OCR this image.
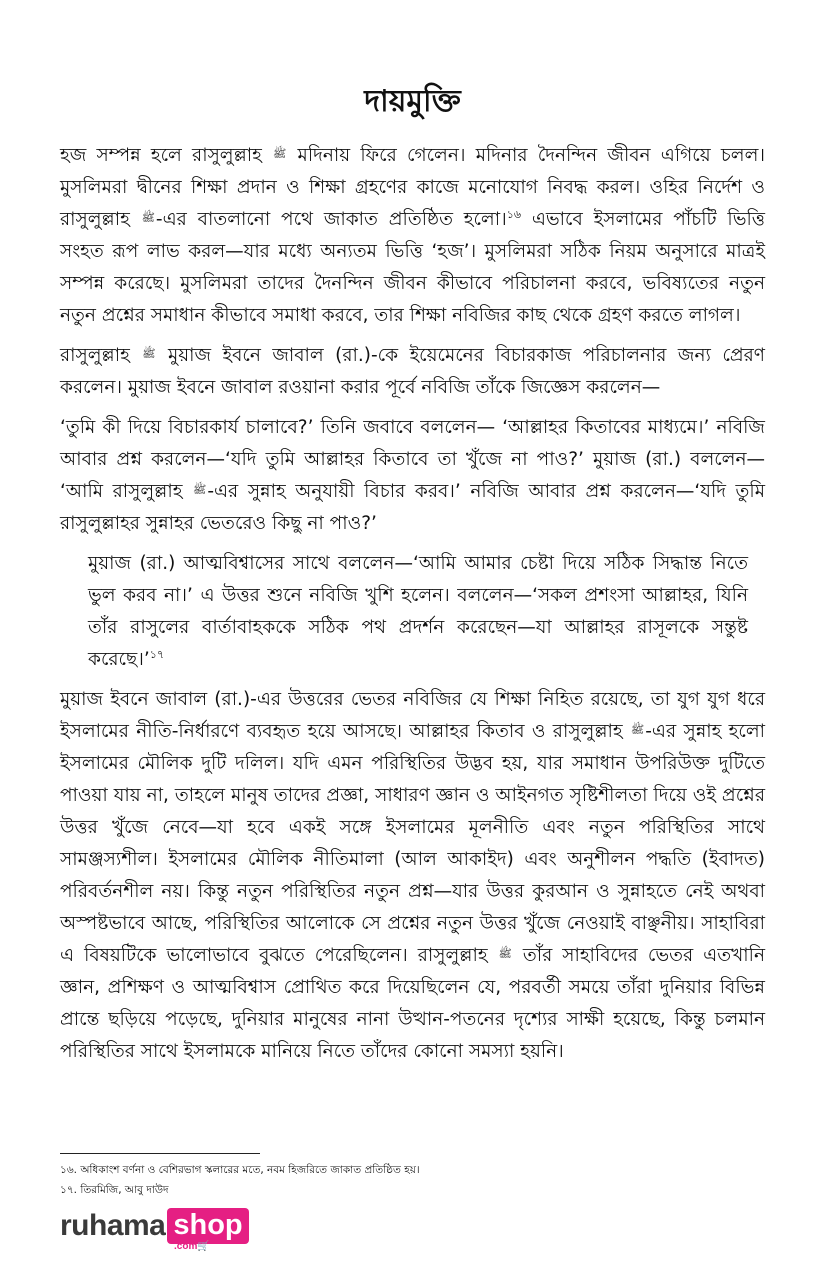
দায়মুক্তি

হজ সম্পন্ন হলে রাসুলুল্লাহ ﷺ মদিনায় ফিরে গেলেন। মদিনার দৈনন্দিন জীবন এগিয়ে চলল। মুসলিমরা দ্বীনের শিক্ষা প্রদান ও শিক্ষা গ্রহণের কাজে মনোযোগ নিবদ্ধ করল। ওহির নির্দেশ ও রাসুলুল্লাহ ﷺ-এর বাতলানো পথে জাকাত প্রতিষ্ঠিত হলো।$^{১৬}$ এভাবে ইসলামের পাঁচটি ভিত্তি সংহত রূপ লাভ করল—যার মধ্যে অন্যতম ভিত্তি ‘হজ’। মুসলিমরা সঠিক নিয়ম অনুসারে মাত্রই সম্পন্ন করেছে। মুসলিমরা তাদের দৈনন্দিন জীবন কীভাবে পরিচালনা করবে, ভবিষ্যতের নতুন নতুন প্রশ্নের সমাধান কীভাবে সমাধা করবে, তার শিক্ষা নবিজির কাছ থেকে গ্রহণ করতে লাগল।

রাসুলুল্লাহ ﷺ মুয়াজ ইবনে জাবাল (রা.)-কে ইয়েমেনের বিচারকাজ পরিচালনার জন্য প্রেরণ করলেন। মুয়াজ ইবনে জাবাল রওয়ানা করার পূর্বে নবিজি তাঁকে জিজ্ঞেস করলেন—

‘তুমি কী দিয়ে বিচারকার্য চালাবে?’ তিনি জবাবে বললেন— ‘আল্লাহর কিতাবের মাধ্যমে।’ নবিজি আবার প্রশ্ন করলেন—‘যদি তুমি আল্লাহর কিতাবে তা খুঁজে না পাও?’ মুয়াজ (রা.) বললেন— ‘আমি রাসুলুল্লাহ ﷺ-এর সুন্নাহ অনুযায়ী বিচার করব।’ নবিজি আবার প্রশ্ন করলেন—‘যদি তুমি রাসুলুল্লাহর সুন্নাহর ভেতরেও কিছু না পাও?’

মুয়াজ (রা.) আত্মবিশ্বাসের সাথে বললেন—‘আমি আমার চেষ্টা দিয়ে সঠিক সিদ্ধান্ত নিতে ভুল করব না।’ এ উত্তর শুনে নবিজি খুশি হলেন। বললেন—‘সকল প্রশংসা আল্লাহর, যিনি তাঁর রাসুলের বার্তাবাহককে সঠিক পথ প্রদর্শন করেছেন—যা আল্লাহর রাসূলকে সন্তুষ্ট করেছে।’$^{১৭}$

মুয়াজ ইবনে জাবাল (রা.)-এর উত্তরের ভেতর নবিজির যে শিক্ষা নিহিত রয়েছে, তা যুগ যুগ ধরে ইসলামের নীতি-নির্ধারণে ব্যবহৃত হয়ে আসছে। আল্লাহর কিতাব ও রাসুলুল্লাহ ﷺ-এর সুন্নাহ হলো ইসলামের মৌলিক দুটি দলিল। যদি এমন পরিস্থিতির উদ্ভব হয়, যার সমাধান উপরিউক্ত দুটিতে পাওয়া যায় না, তাহলে মানুষ তাদের প্রজ্ঞা, সাধারণ জ্ঞান ও আইনগত সৃষ্টিশীলতা দিয়ে ওই প্রশ্নের উত্তর খুঁজে নেবে—যা হবে একই সঙ্গে ইসলামের মূলনীতি এবং নতুন পরিস্থিতির সাথে সামঞ্জস্যশীল। ইসলামের মৌলিক নীতিমালা (আল আকাইদ) এবং অনুশীলন পদ্ধতি (ইবাদত) পরিবর্তনশীল নয়। কিন্তু নতুন পরিস্থিতির নতুন প্রশ্ন—যার উত্তর কুরআন ও সুন্নাহতে নেই অথবা অস্পষ্টভাবে আছে, পরিস্থিতির আলোকে সে প্রশ্নের নতুন উত্তর খুঁজে নেওয়াই বাঞ্ছনীয়। সাহাবিরা এ বিষয়টিকে ভালোভাবে বুঝতে পেরেছিলেন। রাসুলুল্লাহ ﷺ তাঁর সাহাবিদের ভেতর এতখানি জ্ঞান, প্রশিক্ষণ ও আত্মবিশ্বাস প্রোথিত করে দিয়েছিলেন যে, পরবর্তী সময়ে তাঁরা দুনিয়ার বিভিন্ন প্রান্তে ছড়িয়ে পড়েছে, দুনিয়ার মানুষের নানা উত্থান-পতনের দৃশ্যের সাক্ষী হয়েছে, কিন্তু চলমান পরিস্থিতির সাথে ইসলামকে মানিয়ে নিতে তাঁদের কোনো সমস্যা হয়নি।

১৬. অধিকাংশ বর্ণনা ও বেশিরভাগ স্কলারের মতে, নবম হিজরিতে জাকাত প্রতিষ্ঠিত হয়।
১৭. তিরমিজি, আবু দাউদ
ruhama shop
.com🛒
